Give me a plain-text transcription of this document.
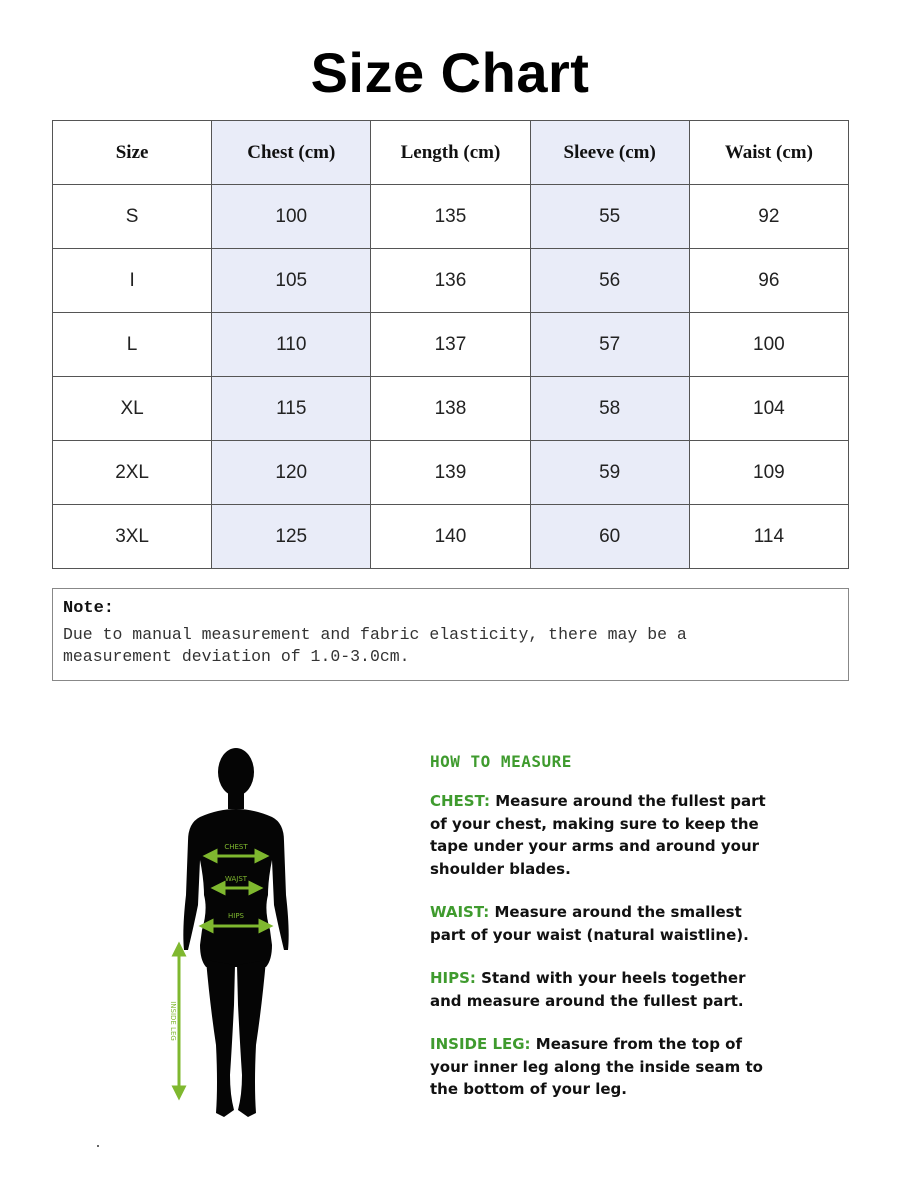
Size Chart
Size	Chest (cm)	Length (cm)	Sleeve (cm)	Waist (cm)
S	100	135	55	92
I	105	136	56	96
L	110	137	57	100
XL	115	138	58	104
2XL	120	139	59	109
3XL	125	140	60	114
Note:
Due to manual measurement and fabric elasticity, there may be a
measurement deviation of 1.0-3.0cm.
CHEST
WAJST
HIPS
INSIDE LEG
HOW TO MEASURE
CHEST: Measure around the fullest part
of your chest, making sure to keep the
tape under your arms and around your
shoulder blades.
WAIST: Measure around the smallest
part of your waist (natural waistline).
HIPS: Stand with your heels together
and measure around the fullest part.
INSIDE LEG: Measure from the top of
your inner leg along the inside seam to
the bottom of your leg.
